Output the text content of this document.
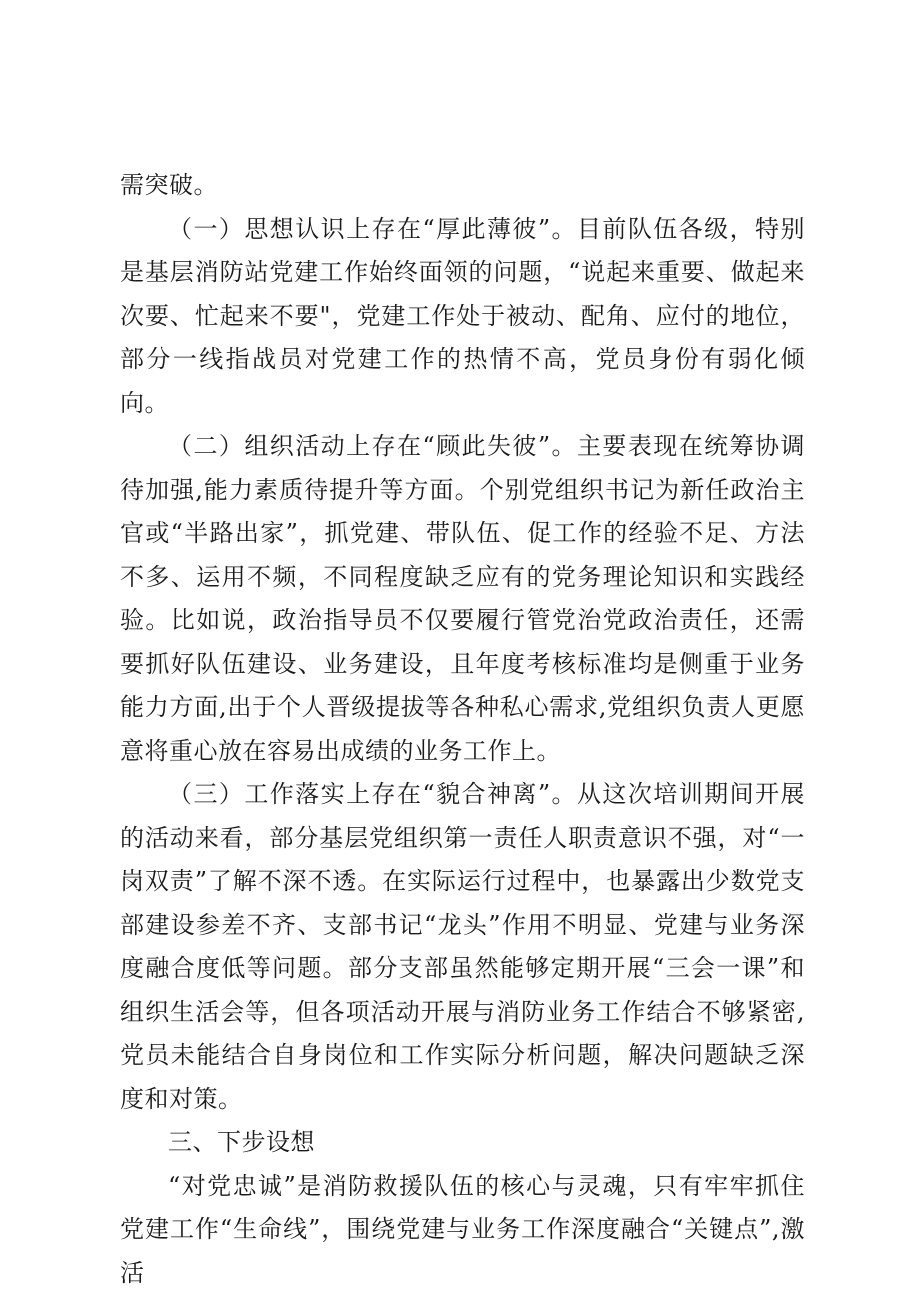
需突破。

（一）思想认识上存在“厚此薄彼”。目前队伍各级，特别是基层消防站党建工作始终面领的问题，“说起来重要、做起来次要、忙起来不要"，党建工作处于被动、配角、应付的地位，部分一线指战员对党建工作的热情不高，党员身份有弱化倾向。

（二）组织活动上存在“顾此失彼”。主要表现在统筹协调待加强,能力素质待提升等方面。个别党组织书记为新任政治主官或“半路出家”，抓党建、带队伍、促工作的经验不足、方法不多、运用不频，不同程度缺乏应有的党务理论知识和实践经验。比如说，政治指导员不仅要履行管党治党政治责任，还需要抓好队伍建设、业务建设，且年度考核标准均是侧重于业务能力方面,出于个人晋级提拔等各种私心需求,党组织负责人更愿意将重心放在容易出成绩的业务工作上。

（三）工作落实上存在“貌合神离”。从这次培训期间开展的活动来看，部分基层党组织第一责任人职责意识不强，对“一岗双责”了解不深不透。在实际运行过程中，也暴露出少数党支部建设参差不齐、支部书记“龙头”作用不明显、党建与业务深度融合度低等问题。部分支部虽然能够定期开展“三会一课”和组织生活会等，但各项活动开展与消防业务工作结合不够紧密,党员未能结合自身岗位和工作实际分析问题，解决问题缺乏深度和对策。

三、下步设想

“对党忠诚”是消防救援队伍的核心与灵魂，只有牢牢抓住党建工作“生命线”，围绕党建与业务工作深度融合“关键点”,激活
